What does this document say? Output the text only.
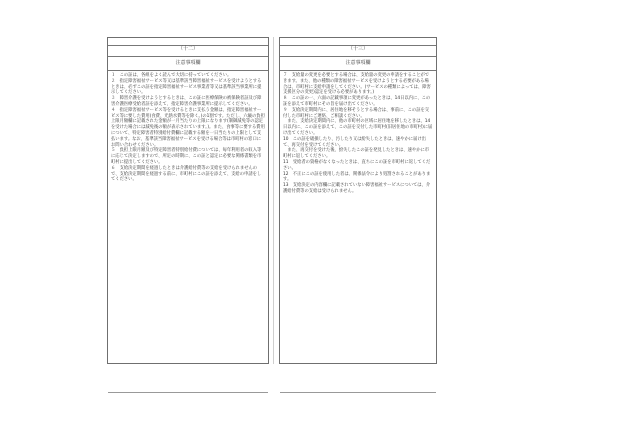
（十二）
注意事項欄

１　この証は、各組をよく読んで大切に持っていてください。

２　指定障害福祉サービス等又は基準該当障害福祉サービスを受けようとするときは、必ずこの証を指定障害福祉サービス事業者等又は基準該当事業所に提示してください。

３　障害介護を受けようとするときは、この証に医療保険の被保険者証及び障害介護医療受給者証を添えて、指定障害介護事業所に提示してください。

４　指定障害福祉サービス等を受けるときに支払う金額は、指定障害福祉サービス等に要した費用(食費、光熱水費等を除く。)の1割です。ただし、六級の負担上限月額欄に記載された金額が一月当たりの上限になります(制御減免等の認定を受けた場合には減免後の額が表示されています。)。また、食事等に要する費用について、特定障害者特別給付費欄に記載する額を一日当たりの上限として支払います。なお、基準該当障害福祉サービスを受ける場合等は市町村の窓口にお問い合わせください。

５　負担上限月額及び特定障害者特別給付費については、毎年利用者の収入等に応じて決定しますので、所定の時期に、この証と認定に必要な関係書類を市町村に提出してください。

６　支給決定期間を経過したときは介護給付費等の支給を受けられませんので、支給決定期間を経過する前に、市町村にこの証を添えて、支給の申請をしてください。

（十三）
注意事項欄

７　支給量の変更を必要とする場合は、支給量の変更の申請をすることができます。また、他の種類の障害福祉サービスを受けようとする必要がある場合は、市町村に支給申請をしてください。(サービスの種類によっては、障害支援区分の変更)認定を受ける必要があります。)

８　この証の一、六面の記載事項に変更があったときは、14日以内に、この証を添えて市町村にその旨を届け出てください。

９　支給決定期間内に、居住地を移そうとする場合は、事前に、この証を交付した市町村にご連絡、ご相談ください。

　また、支給決定期間内に、他の市町村の区域に居住地を移したときは、14日以内に、この証を添えて、この証を交付した市町村(旧居住地の市町村)に届け出てください。

10　この証を破損したり、汚したり又は紛失したときは、速やかに届け出て、再交付を受けてください。

　また、再交付を受けた後、紛失したこの証を発見したときは、速やかに市町村に返してください。

11　受給者の資格がなくなったときは、直ちにこの証を市町村に返してください。

12　不正にこの証を使用した者は、関係法令により処罰されることがあります。

13　支給決定の内容欄に記載されていない障害福祉サービスについては、介護給付費等の支給は受けられません。
